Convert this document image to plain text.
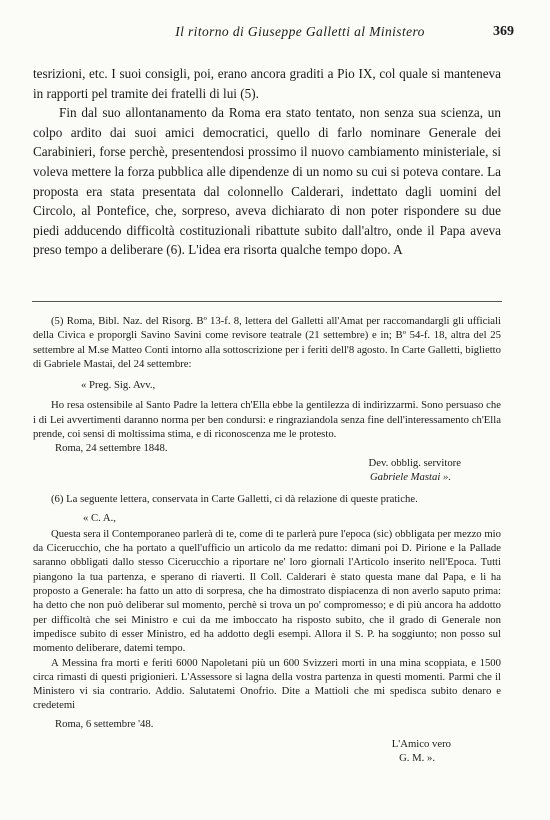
Il ritorno di Giuseppe Galletti al Ministero	369

tesrizioni, etc. I suoi consigli, poi, erano ancora graditi a Pio IX, col quale si manteneva in rapporti pel tramite dei fratelli di lui (5).

Fin dal suo allontanamento da Roma era stato tentato, non senza sua scienza, un colpo ardito dai suoi amici democratici, quello di farlo nominare Generale dei Carabinieri, forse perchè, presentendosi prossimo il nuovo cambiamento ministeriale, si voleva mettere la forza pubblica alle dipendenze di un nomo su cui si poteva contare. La proposta era stata presentata dal colonnello Calderari, indettato dagli uomini del Circolo, al Pontefice, che, sorpreso, aveva dichiarato di non poter rispondere su due piedi adducendo difficoltà costituzionali ribattute subito dall'altro, onde il Papa aveva preso tempo a deliberare (6). L'idea era risorta qualche tempo dopo. A

(5) Roma, Bibl. Naz. del Risorg. Bº 13-f. 8, lettera del Galletti all'Amat per raccomandargli gli ufficiali della Civica e proporgli Savino Savini come revisore teatrale (21 settembre) e in; Bº 54-f. 18, altra del 25 settembre al M.se Matteo Conti intorno alla sottoscrizione per i feriti dell'8 agosto. In Carte Galletti, biglietto di Gabriele Mastai, del 24 settembre:

« Preg. Sig. Avv.,

Ho resa ostensibile al Santo Padre la lettera ch'Ella ebbe la gentilezza di indirizzarmi. Sono persuaso che i di Lei avvertimenti daranno norma per ben condursi: e ringraziandola senza fine dell'interessamento ch'Ella prende, coi sensi di moltissima stima, e di riconoscenza me le protesto.

Roma, 24 settembre 1848.

Dev. obblig. servitore

Gabriele Mastai ».

(6) La seguente lettera, conservata in Carte Galletti, ci dà relazione di queste pratiche.

« C. A.,

Questa sera il Contemporaneo parlerà di te, come di te parlerà pure l'epoca (sic) obbligata per mezzo mio da Cicerucchio, che ha portato a quell'ufficio un articolo da me redatto: dimani poi D. Pirione e la Pallade saranno obbligati dallo stesso Cicerucchio a riportare ne' loro giornali l'Articolo inserito nell'Epoca. Tutti piangono la tua partenza, e sperano di riaverti. Il Coll. Calderari è stato questa mane dal Papa, e li ha proposto a Generale: ha fatto un atto di sorpresa, che ha dimostrato dispiacenza di non averlo saputo prima: ha detto che non può deliberar sul momento, perchè si trova un po' compromesso; e di più ancora ha addotto per difficoltà che sei Ministro e cui da me imboccato ha risposto subito, che il grado di Generale non impedisce subito di esser Ministro, ed ha addotto degli esempi. Allora il S. P. ha soggiunto; non posso sul momento deliberare, datemi tempo.

A Messina fra morti e feriti 6000 Napoletani più un 600 Svizzeri morti in una mina scoppiata, e 1500 circa rimasti di questi prigionieri. L'Assessore si lagna della vostra partenza in questi momenti. Parmi che il Ministero vi sia contrario. Addio. Salutatemi Onofrio. Dite a Mattioli che mi spedisca subito denaro e credetemi

Roma, 6 settembre '48.

L'Amico vero

G. M. ».
